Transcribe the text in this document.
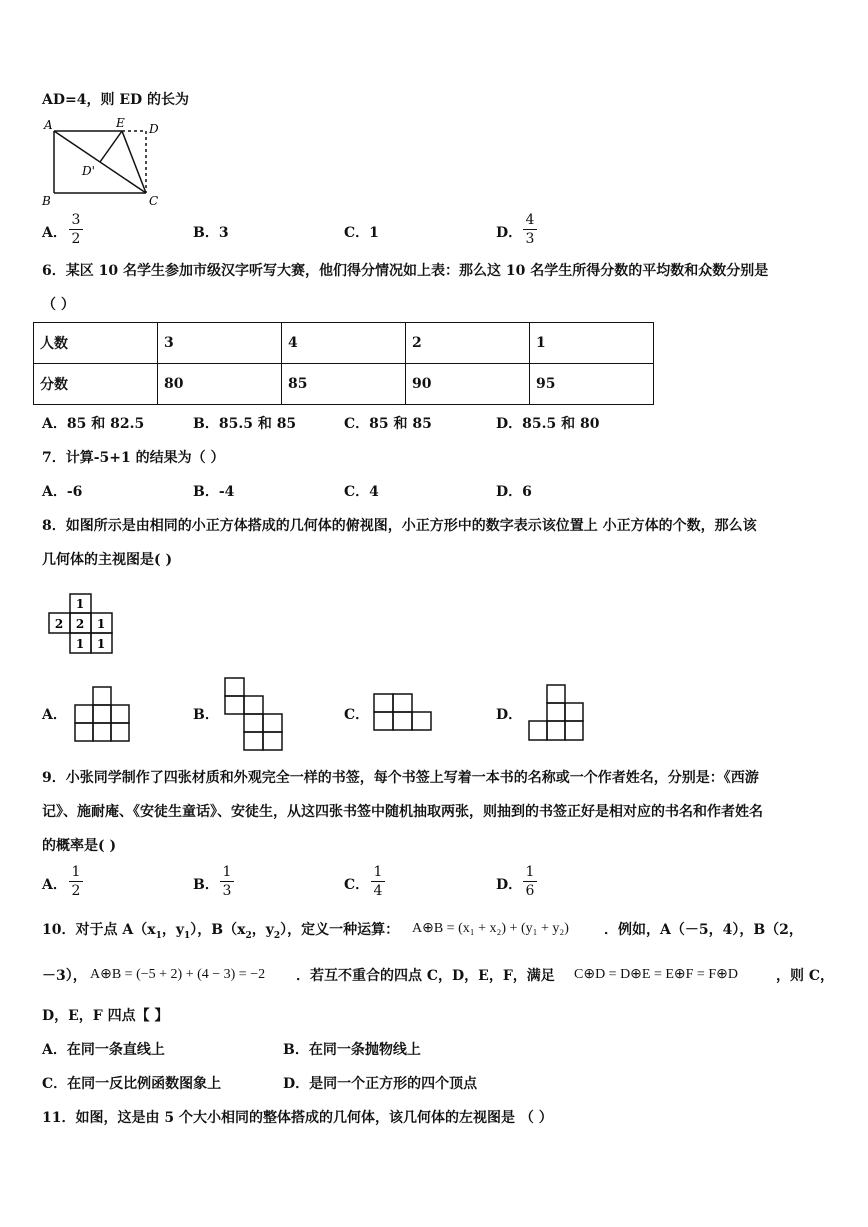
AD=4，则 ED 的长为
A	E D
D'
B	C
A．
3
2	B．3	C．1	D．
4
3
6．某区 10 名学生参加市级汉字听写大赛，他们得分情况如上表：那么这 10 名学生所得分数的平均数和众数分别是
（ ）
人数	3	4	2	1
分数	80	85	90	95
A．85 和 82.5	B．85.5 和 85	C．85 和 85	D．85.5 和 80
7．计算-5+1 的结果为（ ）
A．-6	B．-4	C．4	D．6
8．如图所示是由相同的小正方体搭成的几何体的俯视图，小正方形中的数字表示该位置上 小正方体的个数，那么该
几何体的主视图是( )
1
2 2 1
1 1
A．	B．	C．	D．
9．小张同学制作了四张材质和外观完全一样的书签，每个书签上写着一本书的名称或一个作者姓名，分别是：《西游
记》、施耐庵、《安徒生童话》、安徒生，从这四张书签中随机抽取两张，则抽到的书签正好是相对应的书名和作者姓名
的概率是( )
A．
1
2	B．
1
3	C．
1
4	D．
1
6
10．对于点 $A(x_1$，$y_1$），$B(x_2$，$y_2$），定义一种运算： A⊕B = (x₁ + x₂) + (y₁ + y₂)	．例如，A（－5，4），B（2，
－3）， A⊕B = (−5 + 2) + (4 − 3) = −2 ．若互不重合的四点 C，D，E，F，满足 C⊕D = D⊕E = E⊕F = F⊕D	，则 C，
D，E，F 四点【 】
A．在同一条直线上	B．在同一条抛物线上
C．在同一反比例函数图象上	D．是同一个正方形的四个顶点
11．如图，这是由 5 个大小相同的整体搭成的几何体，该几何体的左视图是 （ ）
